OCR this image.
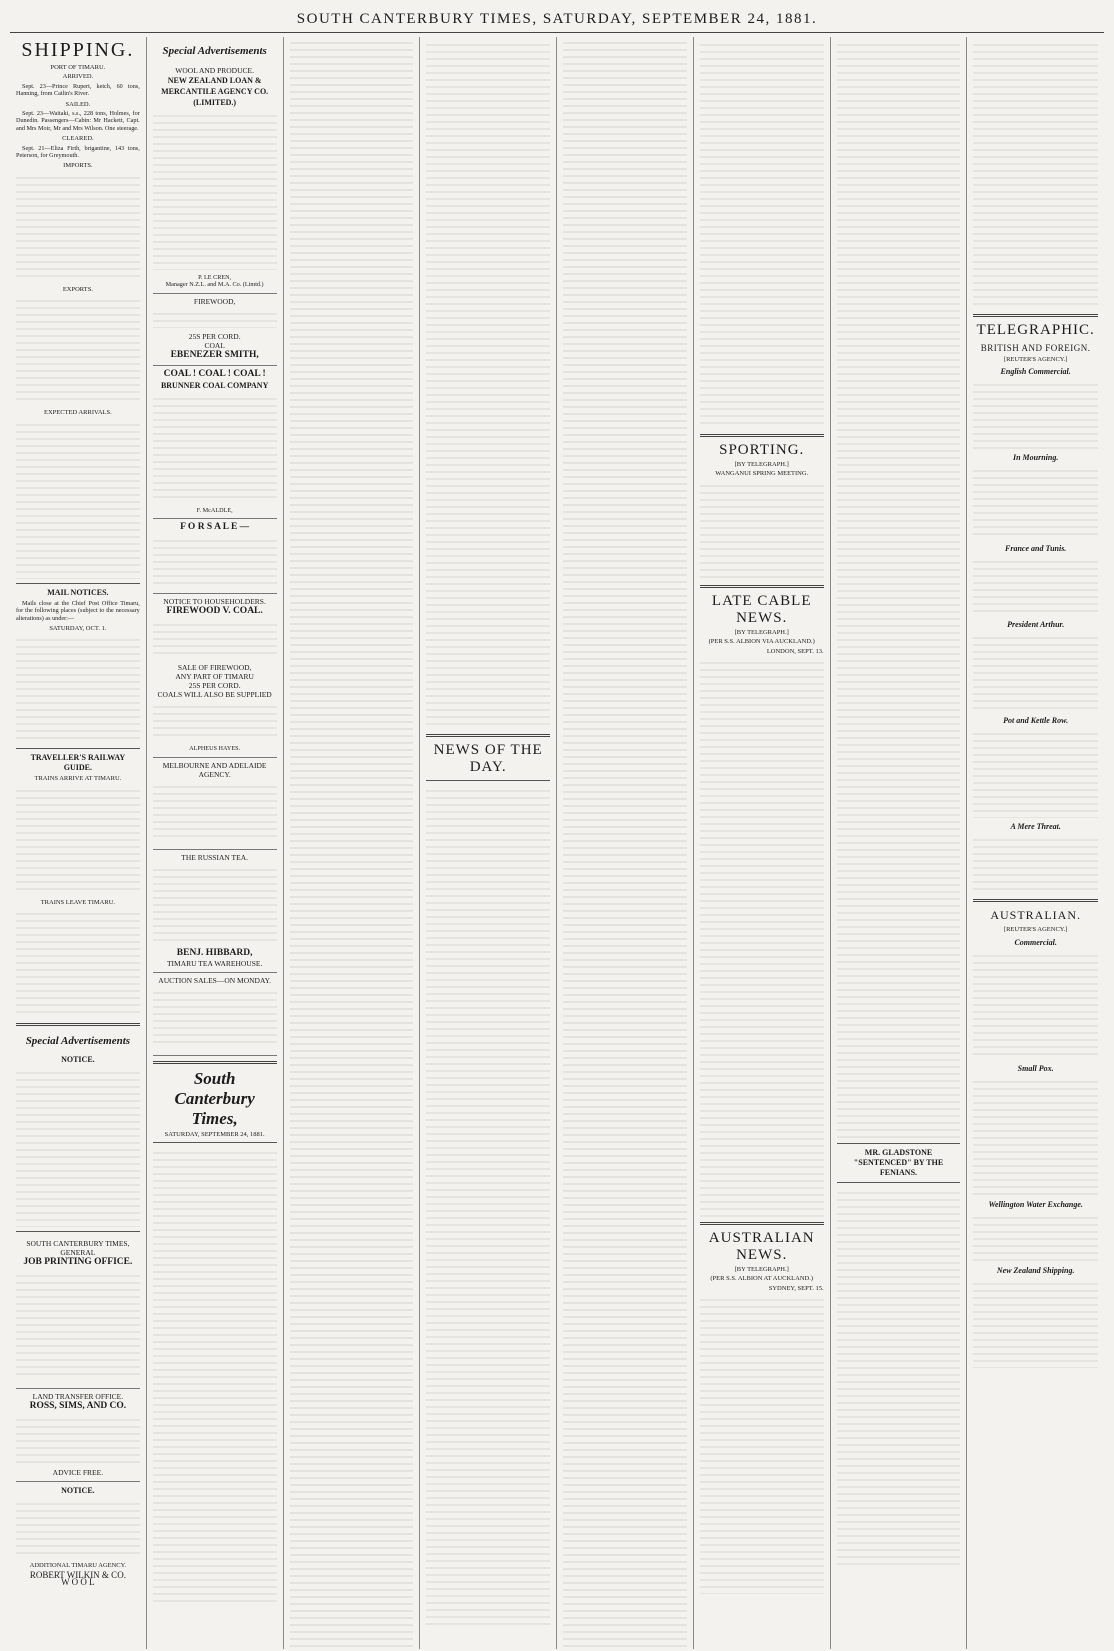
SOUTH CANTERBURY TIMES, SATURDAY, SEPTEMBER 24, 1881.
SHIPPING.
PORT OF TIMARU.
ARRIVED.

Sept. 23—Prince Rupert, ketch, 60 tons, Hanning, from Catlin's River.

SAILED.

Sept. 23—Waitaki, s.s., 228 tons, Holmes, for Dunedin. Passengers—Cabin: Mr Hackett, Capt. and Mrs Moir, Mr and Mrs Wilson. One steerage.

CLEARED.

Sept. 21—Eliza Firth, brigantine, 143 tons, Peterson, for Greymouth.

IMPORTS.
EXPORTS.
EXPECTED ARRIVALS.
MAIL NOTICES.

Mails close at the Chief Post Office Timaru, for the following places (subject to the necessary alterations) as under:—

SATURDAY, OCT. 1.
TRAVELLER'S RAILWAY GUIDE.
TRAINS ARRIVE AT TIMARU.
TRAINS LEAVE TIMARU.
Special Advertisements
NOTICE.
SOUTH CANTERBURY TIMES,
GENERAL
JOB PRINTING OFFICE.
LAND TRANSFER OFFICE.
ROSS, SIMS, AND CO.
ADVICE FREE.
NOTICE.
ADDITIONAL TIMARU AGENCY.
ROBERT WILKIN & CO.
W O O L
Special Advertisements
WOOL AND PRODUCE.
NEW ZEALAND LOAN & MERCANTILE AGENCY CO. (LIMITED.)
P. LE CREN,
Manager N.Z.L. and M.A. Co. (Limtd.)
FIREWOOD,
25S PER CORD.
COAL
EBENEZER SMITH,
COAL ! COAL ! COAL !
BRUNNER COAL COMPANY
F. McALDLE,
F O R S A L E —
NOTICE TO HOUSEHOLDERS.
FIREWOOD V. COAL.
SALE OF FIREWOOD,
ANY PART OF TIMARU
25S PER CORD.
COALS WILL ALSO BE SUPPLIED
ALPHEUS HAYES.
MELBOURNE AND ADELAIDE AGENCY.
THE RUSSIAN TEA.
BENJ. HIBBARD,
TIMARU TEA WAREHOUSE.
AUCTION SALES—ON MONDAY.
South Canterbury Times,
SATURDAY, SEPTEMBER 24, 1881.
NEWS OF THE DAY.
SPORTING.
[BY TELEGRAPH.]
WANGANUI SPRING MEETING.
LATE CABLE NEWS.
[BY TELEGRAPH.]
(PER S.S. ALBION VIA AUCKLAND.)
LONDON, SEPT. 13.
AUSTRALIAN NEWS.
[BY TELEGRAPH.]
(PER S.S. ALBION AT AUCKLAND.)
SYDNEY, SEPT. 15.
MR. GLADSTONE "SENTENCED" BY THE FENIANS.
TELEGRAPHIC.
BRITISH AND FOREIGN.
[REUTER'S AGENCY.]
English Commercial.
In Mourning.
France and Tunis.
President Arthur.
Pot and Kettle Row.
A Mere Threat.
AUSTRALIAN.
[REUTER'S AGENCY.]
Commercial.
Small Pox.
Wellington Water Exchange.
New Zealand Shipping.
